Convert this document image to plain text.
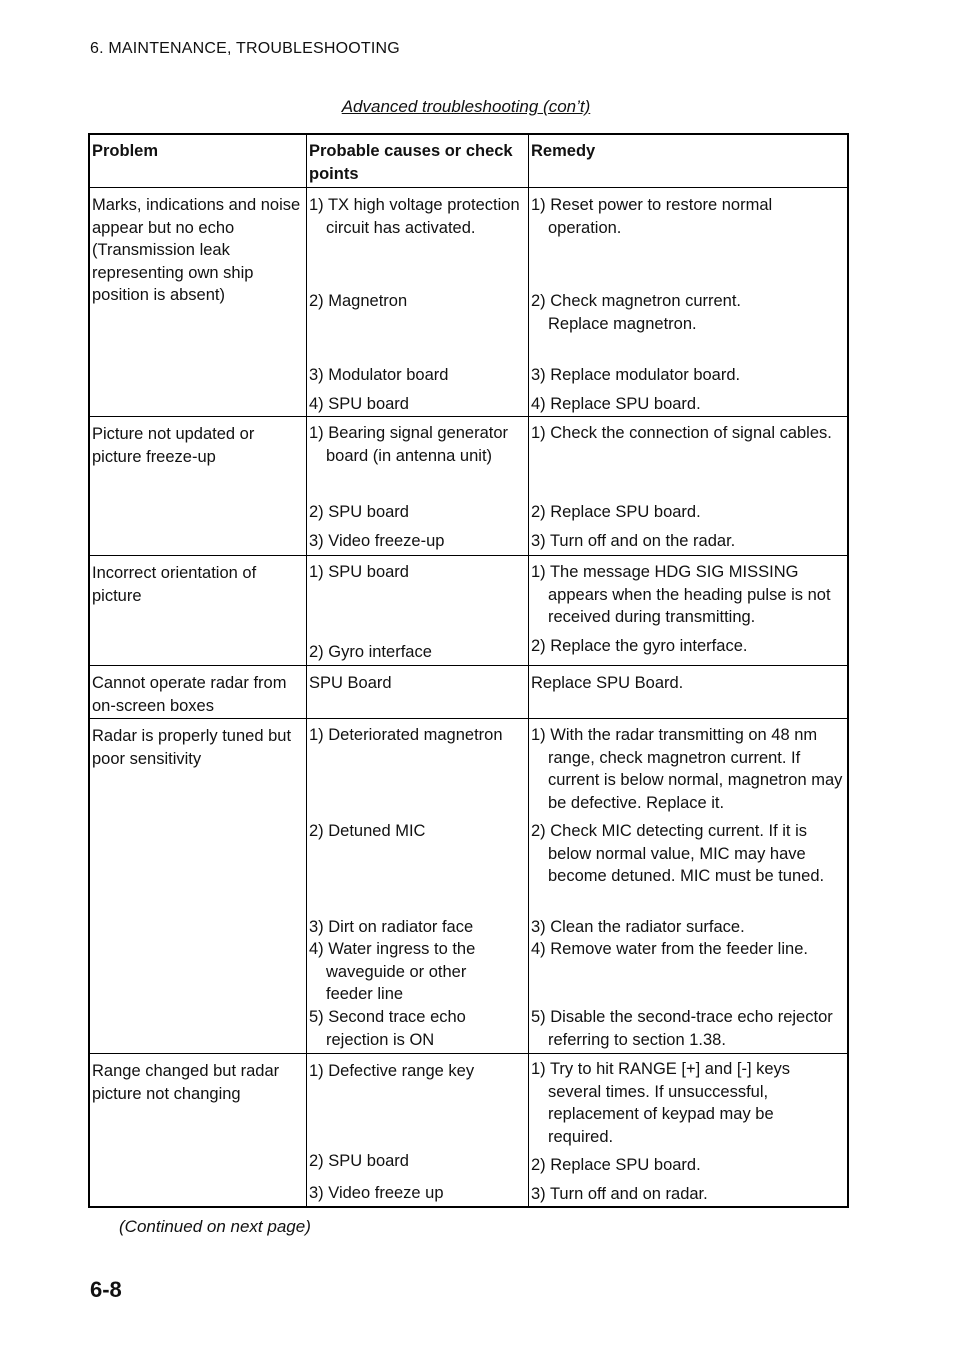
6. MAINTENANCE, TROUBLESHOOTING
Advanced troubleshooting (con’t)
Problem	Probable causes or check points
Remedy
Marks, indications and noise appear but no echo (Transmission leak representing own ship position is absent)

1) TX high voltage protection circuit has activated.

2) Magnetron

3) Modulator board

4) SPU board

1) Reset power to restore normal operation.

2) Check magnetron current. Replace magnetron.

3) Replace modulator board.

4) Replace SPU board.

Picture not updated or picture freeze-up

1) Bearing signal generator board (in antenna unit)

2) SPU board

3) Video freeze-up

1) Check the connection of signal cables.

2) Replace SPU board.

3) Turn off and on the radar.

Incorrect orientation of picture

1) SPU board

2) Gyro interface

1) The message HDG SIG MISSING appears when the heading pulse is not received during transmitting.

2) Replace the gyro interface.

Cannot operate radar from on-screen boxes
SPU Board	Replace SPU Board.
Radar is properly tuned but poor sensitivity

1) Deteriorated magnetron

2) Detuned MIC

3) Dirt on radiator face

4) Water ingress to the waveguide or other feeder line

5) Second trace echo rejection is ON

1) With the radar transmitting on 48 nm range, check magnetron current. If current is below normal, magnetron may be defective. Replace it.

2) Check MIC detecting current. If it is below normal value, MIC may have become detuned. MIC must be tuned.

3) Clean the radiator surface.

4) Remove water from the feeder line.

5) Disable the second-trace echo rejector referring to section 1.38.

Range changed but radar picture not changing

1) Defective range key

2) SPU board

3) Video freeze up

1) Try to hit RANGE [+] and [-] keys several times. If unsuccessful, replacement of keypad may be required.

2) Replace SPU board.

3) Turn off and on radar.

(Continued on next page)
6-8
